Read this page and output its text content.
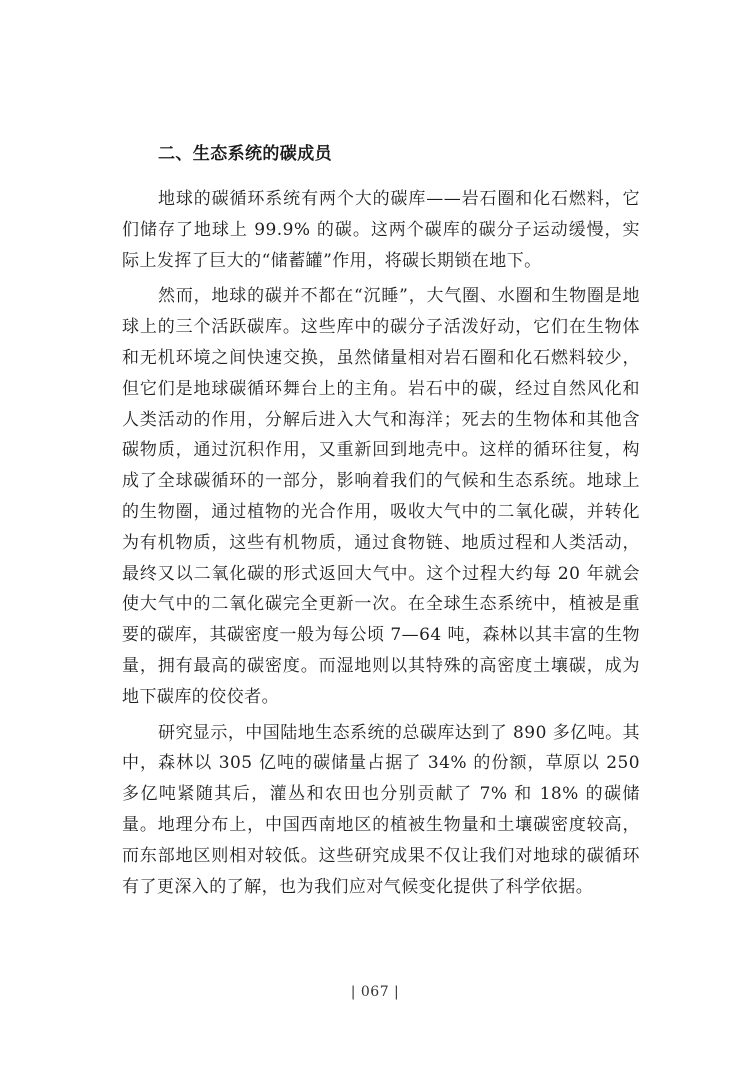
二、生态系统的碳成员

地球的碳循环系统有两个大的碳库——岩石圈和化石燃料，它们储存了地球上 99.9% 的碳。这两个碳库的碳分子运动缓慢，实际上发挥了巨大的“储蓄罐”作用，将碳长期锁在地下。

然而，地球的碳并不都在“沉睡”，大气圈、水圈和生物圈是地球上的三个活跃碳库。这些库中的碳分子活泼好动，它们在生物体和无机环境之间快速交换，虽然储量相对岩石圈和化石燃料较少，但它们是地球碳循环舞台上的主角。岩石中的碳，经过自然风化和人类活动的作用，分解后进入大气和海洋；死去的生物体和其他含碳物质，通过沉积作用，又重新回到地壳中。这样的循环往复，构成了全球碳循环的一部分，影响着我们的气候和生态系统。地球上的生物圈，通过植物的光合作用，吸收大气中的二氧化碳，并转化为有机物质，这些有机物质，通过食物链、地质过程和人类活动，最终又以二氧化碳的形式返回大气中。这个过程大约每 20 年就会使大气中的二氧化碳完全更新一次。在全球生态系统中，植被是重要的碳库，其碳密度一般为每公顷 7—64 吨，森林以其丰富的生物量，拥有最高的碳密度。而湿地则以其特殊的高密度土壤碳，成为地下碳库的佼佼者。

研究显示，中国陆地生态系统的总碳库达到了 890 多亿吨。其中，森林以 305 亿吨的碳储量占据了 34% 的份额，草原以 250 多亿吨紧随其后，灌丛和农田也分别贡献了 7% 和 18% 的碳储量。地理分布上，中国西南地区的植被生物量和土壤碳密度较高，而东部地区则相对较低。这些研究成果不仅让我们对地球的碳循环有了更深入的了解，也为我们应对气候变化提供了科学依据。

| 067 |
